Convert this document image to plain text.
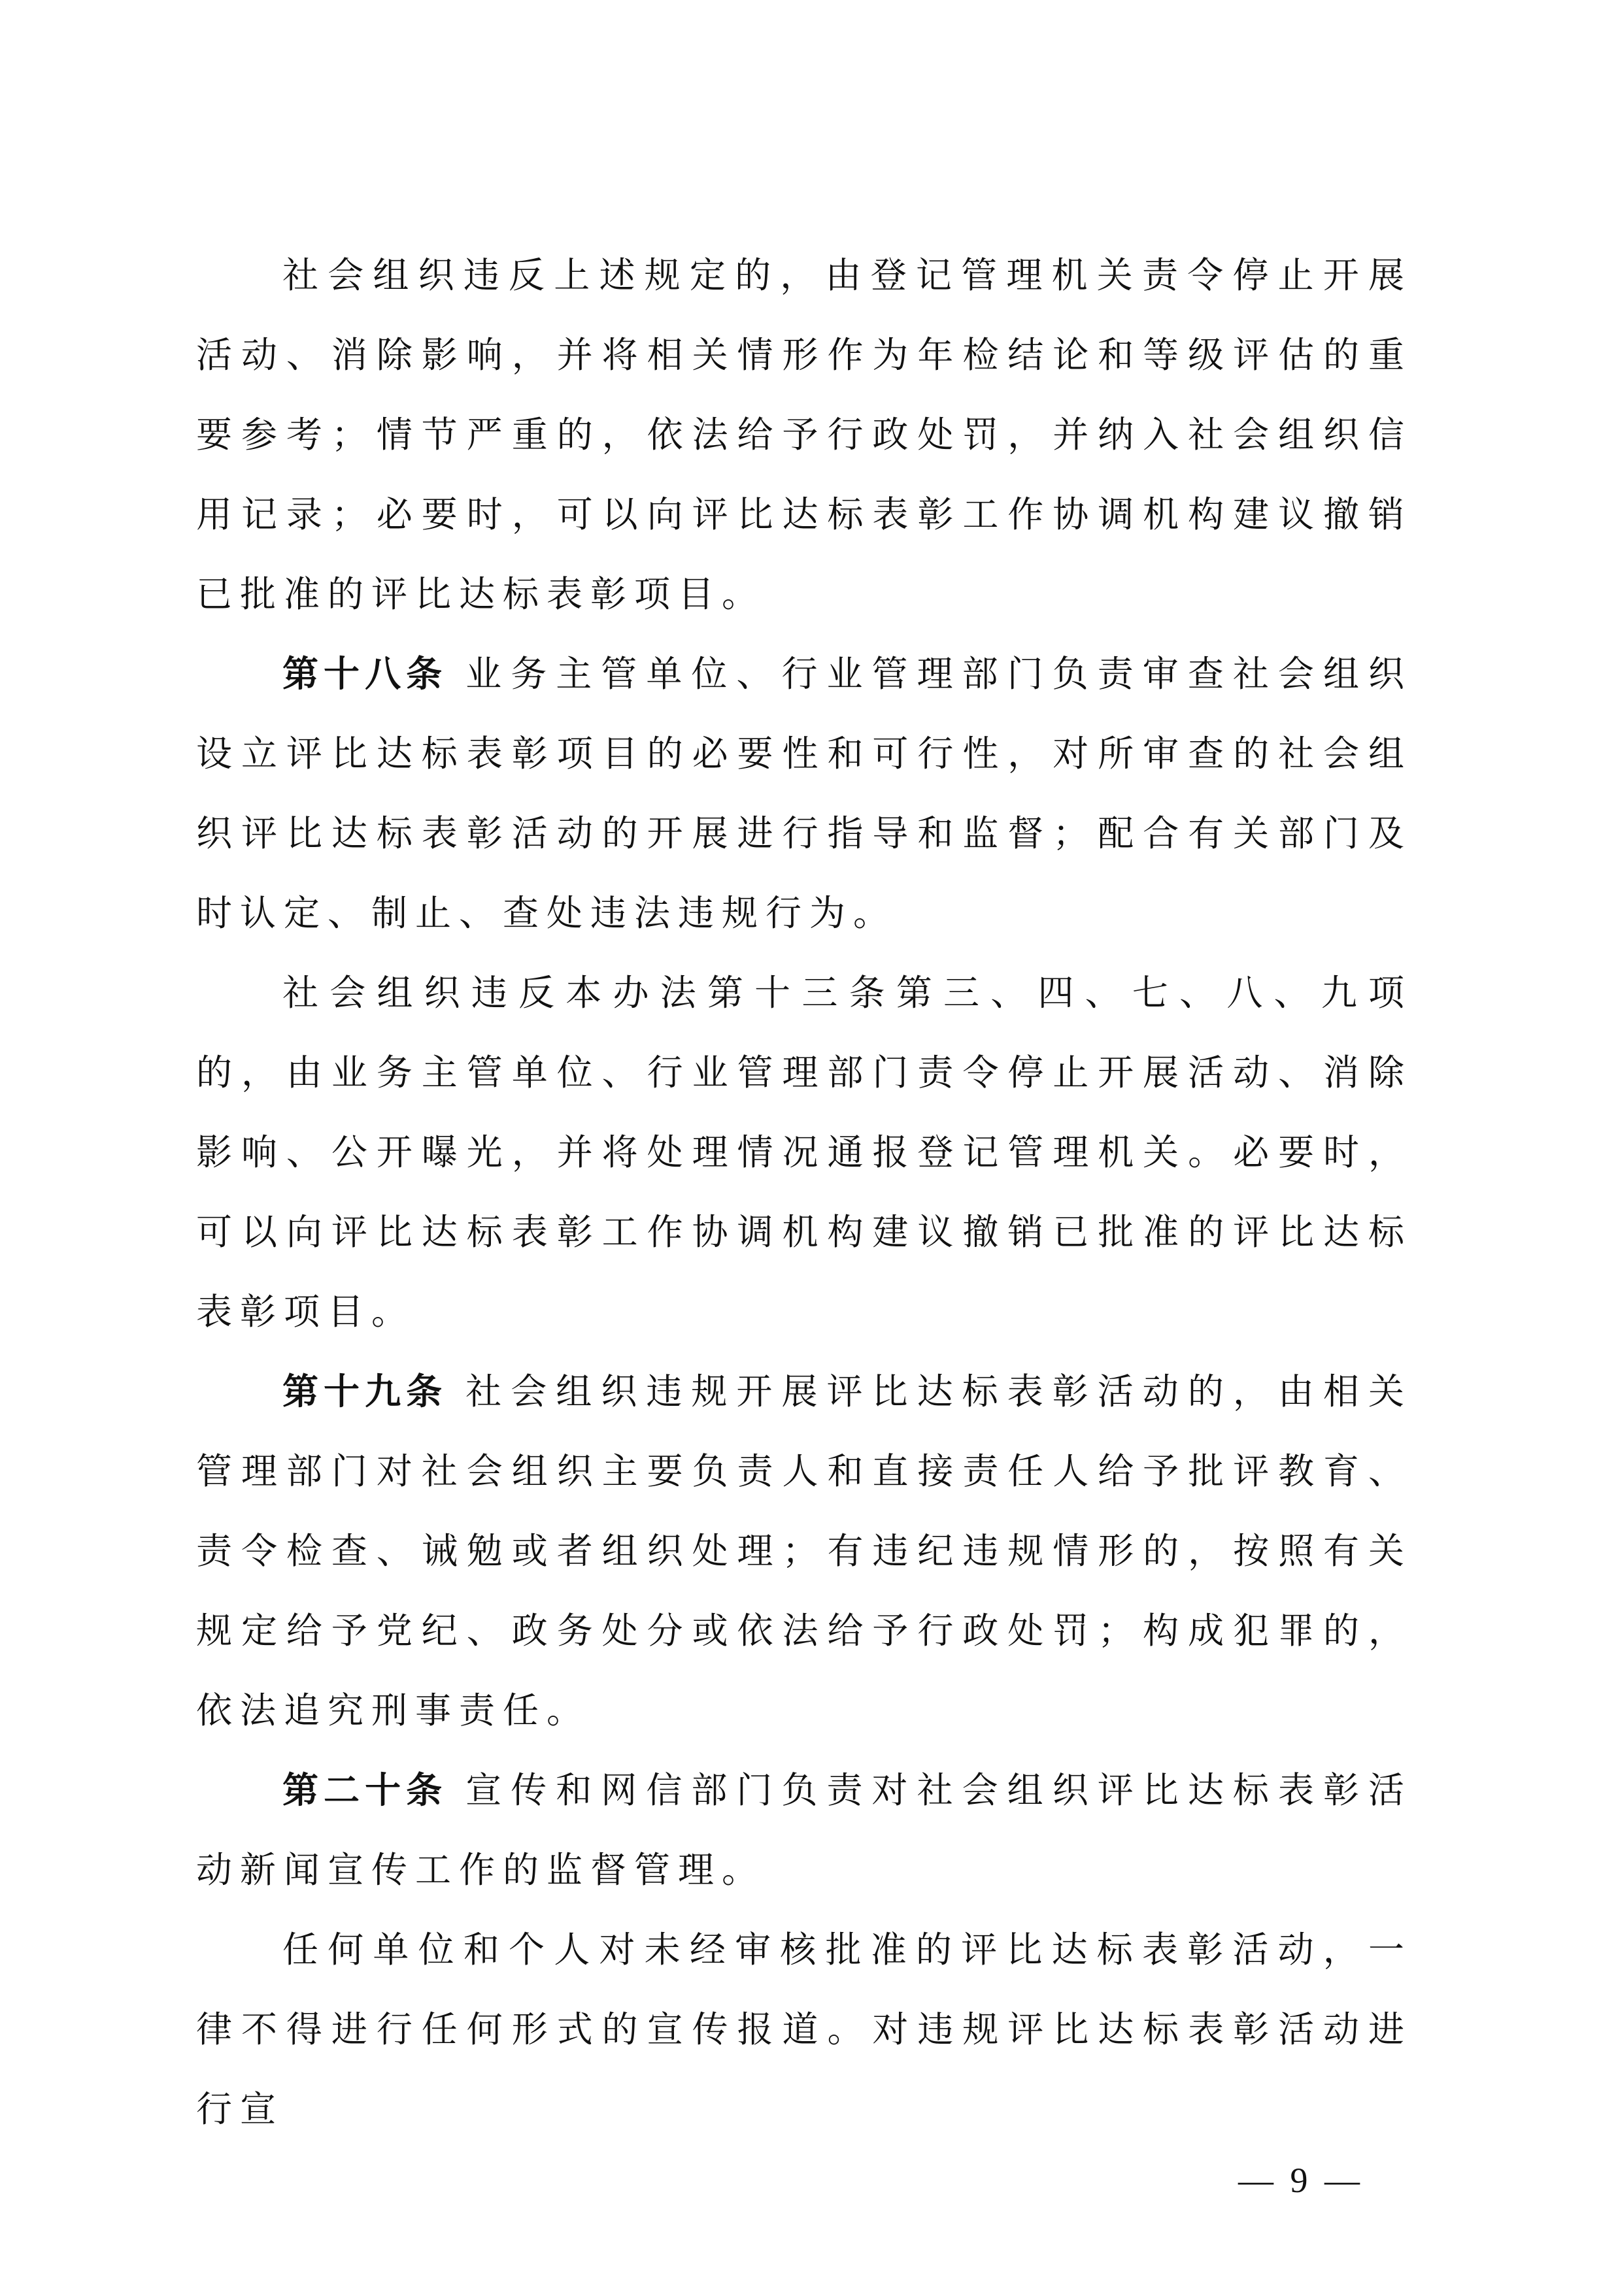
社会组织违反上述规定的，由登记管理机关责令停止开展活动、消除影响，并将相关情形作为年检结论和等级评估的重要参考；情节严重的，依法给予行政处罚，并纳入社会组织信用记录；必要时，可以向评比达标表彰工作协调机构建议撤销已批准的评比达标表彰项目。

第十八条 业务主管单位、行业管理部门负责审查社会组织设立评比达标表彰项目的必要性和可行性，对所审查的社会组织评比达标表彰活动的开展进行指导和监督；配合有关部门及时认定、制止、查处违法违规行为。

社会组织违反本办法第十三条第三、四、七、八、九项的，由业务主管单位、行业管理部门责令停止开展活动、消除影响、公开曝光，并将处理情况通报登记管理机关。必要时，可以向评比达标表彰工作协调机构建议撤销已批准的评比达标表彰项目。

第十九条 社会组织违规开展评比达标表彰活动的，由相关管理部门对社会组织主要负责人和直接责任人给予批评教育、责令检查、诫勉或者组织处理；有违纪违规情形的，按照有关规定给予党纪、政务处分或依法给予行政处罚；构成犯罪的，依法追究刑事责任。

第二十条 宣传和网信部门负责对社会组织评比达标表彰活动新闻宣传工作的监督管理。

任何单位和个人对未经审核批准的评比达标表彰活动，一律不得进行任何形式的宣传报道。对违规评比达标表彰活动进行宣

— 9 —
